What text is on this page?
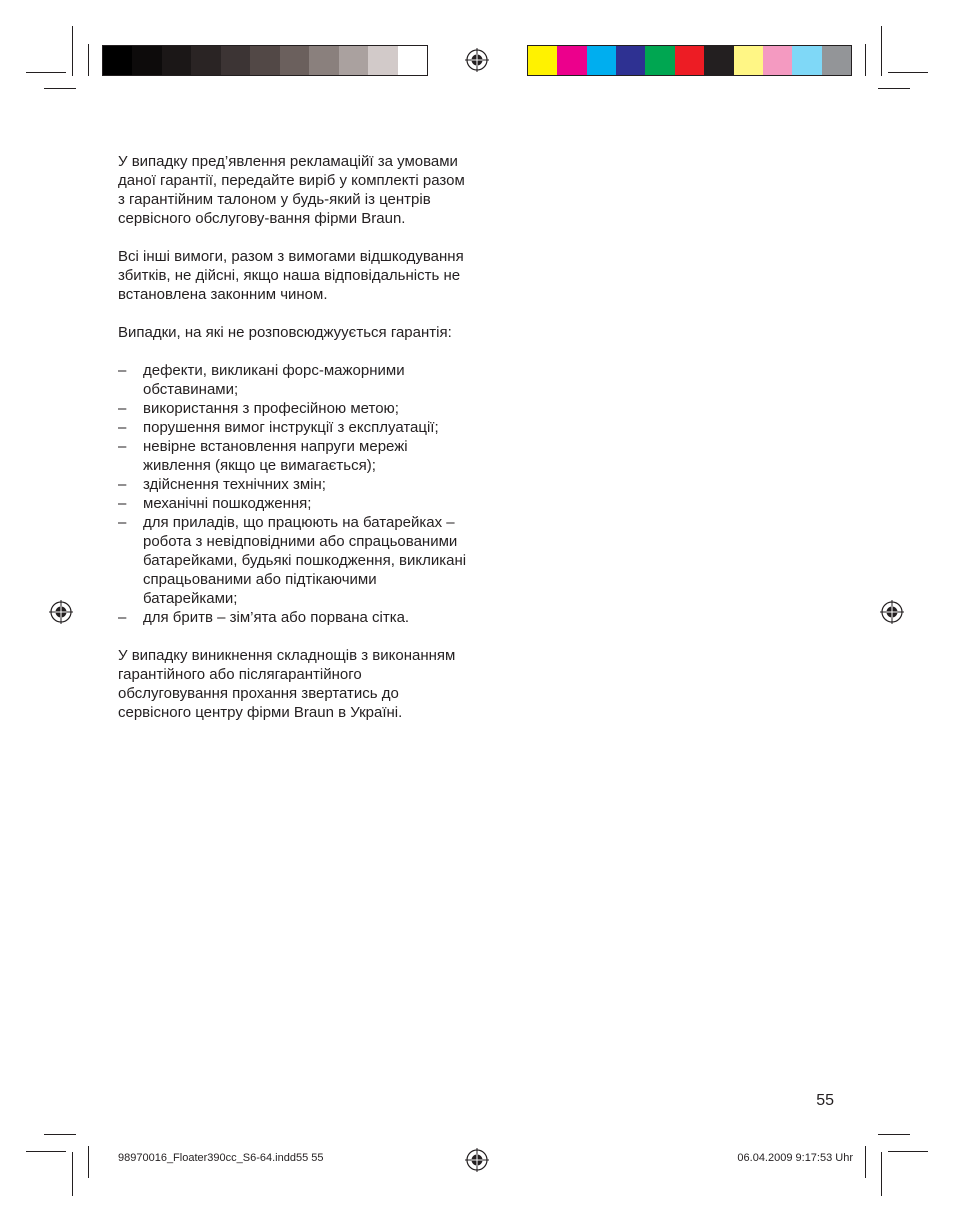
У випадку пред’явлення рекламаційї за умовами даної гарантії, передайте виріб у комплекті разом з гарантійним талоном у будь-який із центрів сервісного обслугову-вання фірми Braun.

Всі інші вимоги, разом з вимогами відшкодування збитків, не дійсні, якщо наша відповідальність не встановлена законним чином.

Випадки, на які не розповсюджуується гарантія:

– дефекти, викликані форс-мажорними обставинами;
– використання з професійною метою;
– порушення вимог інструкції з експлуатації;
– невірне встановлення напруги мережі живлення (якщо це вимагається);
– здійснення технічних змін;
– механічні пошкодження;
– для приладів, що працюють на батарейках – робота з невідповідними або спрацьованими батарейками, будьякі пошкодження, викликані спрацьованими або підтікаючими батарейками;
– для бритв – зім’ята або порвана сітка.

У випадку виникнення складнощів з виконанням гарантійного або післягарантійного обслуговування прохання звертатись до сервісного центру фірми Braun в Україні.

55
98970016_Floater390cc_S6-64.indd55 55	06.04.2009 9:17:53 Uhr
